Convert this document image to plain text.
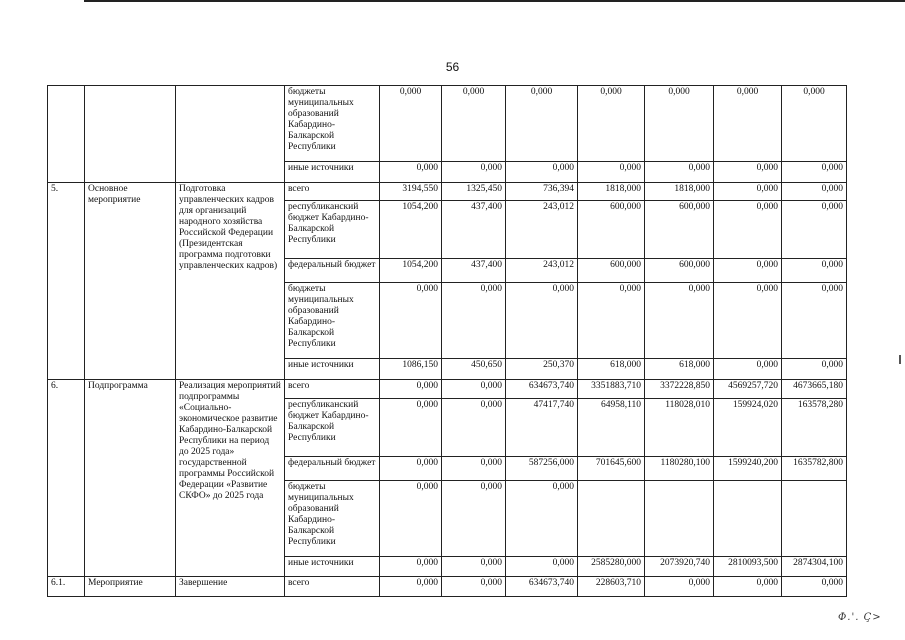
56
			бюджеты муниципальных образований Кабардино-Балкарской Республики	0,000	0,000	0,000	0,000	0,000	0,000	0,000
			иные источники	0,000	0,000	0,000	0,000	0,000	0,000	0,000
5.	Основное мероприятие	Подготовка управленческих кадров для организаций народного хозяйства Российской Федерации (Президентская программа подготовки управленческих кадров)	всего	3194,550	1325,450	736,394	1818,000	1818,000	0,000	0,000
			республиканский бюджет Кабардино-Балкарской Республики	1054,200	437,400	243,012	600,000	600,000	0,000	0,000
			федеральный бюджет	1054,200	437,400	243,012	600,000	600,000	0,000	0,000
			бюджеты муниципальных образований Кабардино-Балкарской Республики	0,000	0,000	0,000	0,000	0,000	0,000	0,000
			иные источники	1086,150	450,650	250,370	618,000	618,000	0,000	0,000
6.	Подпрограмма	Реализация мероприятий подпрограммы «Социально-экономическое развитие Кабардино-Балкарской Республики на период до 2025 года» государственной программы Российской Федерации «Развитие СКФО» до 2025 года	всего	0,000	0,000	634673,740	3351883,710	3372228,850	4569257,720	4673665,180
			республиканский бюджет Кабардино-Балкарской Республики	0,000	0,000	47417,740	64958,110	118028,010	159924,020	163578,280
			федеральный бюджет	0,000	0,000	587256,000	701645,600	1180280,100	1599240,200	1635782,800
			бюджеты муниципальных образований Кабардино-Балкарской Республики	0,000	0,000	0,000				
			иные источники	0,000	0,000	0,000	2585280,000	2073920,740	2810093,500	2874304,100
6.1.	Мероприятие	Завершение	всего	0,000	0,000	634673,740	228603,710	0,000	0,000	0,000
Ф.'. Ҫ>
